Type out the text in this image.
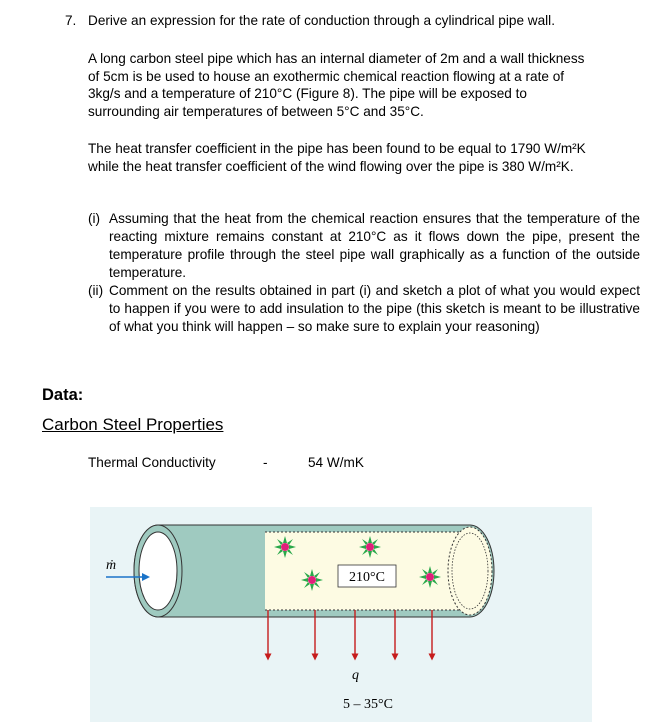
7. Derive an expression for the rate of conduction through a cylindrical pipe wall.
A long carbon steel pipe which has an internal diameter of 2m and a wall thickness
of 5cm is be used to house an exothermic chemical reaction flowing at a rate of
3kg/s and a temperature of 210°C (Figure 8). The pipe will be exposed to
surrounding air temperatures of between 5°C and 35°C.
The heat transfer coefficient in the pipe has been found to be equal to 1790 W/m²K
while the heat transfer coefficient of the wind flowing over the pipe is 380 W/m²K.
(i) Assuming that the heat from the chemical reaction ensures that the temperature of the reacting mixture remains constant at 210°C as it flows down the pipe, present the temperature profile through the steel pipe wall graphically as a function of the outside temperature.
(ii) Comment on the results obtained in part (i) and sketch a plot of what you would expect to happen if you were to add insulation to the pipe (this sketch is meant to be illustrative of what you think will happen – so make sure to explain your reasoning)
Data:
Carbon Steel Properties
Thermal Conductivity	-	54 W/mK
210°C
ṁ
q
5 – 35°C
